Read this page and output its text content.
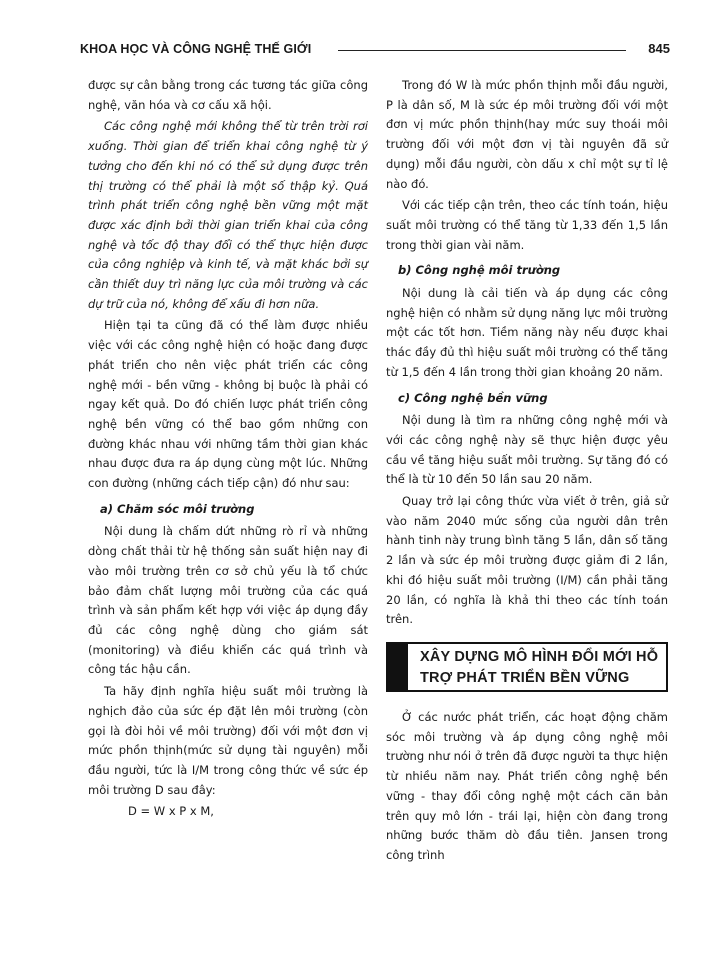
KHOA HỌC VÀ CÔNG NGHỆ THẾ GIỚI	845

được sự cân bằng trong các tương tác giữa công nghệ, văn hóa và cơ cấu xã hội.

Các công nghệ mới không thể từ trên trời rơi xuống. Thời gian để triển khai công nghệ từ ý tưởng cho đến khi nó có thể sử dụng được trên thị trường có thể phải là một số thập kỷ. Quá trình phát triển công nghệ bền vững một mặt được xác định bởi thời gian triển khai của công nghệ và tốc độ thay đổi có thể thực hiện được của công nghiệp và kinh tế, và mặt khác bởi sự cần thiết duy trì năng lực của môi trường và các dự trữ của nó, không để xấu đi hơn nữa.

Hiện tại ta cũng đã có thể làm được nhiều việc với các công nghệ hiện có hoặc đang được phát triển cho nên việc phát triển các công nghệ mới - bền vững - không bị buộc là phải có ngay kết quả. Do đó chiến lược phát triển công nghệ bền vững có thể bao gồm những con đường khác nhau với những tầm thời gian khác nhau được đưa ra áp dụng cùng một lúc. Những con đường (những cách tiếp cận) đó như sau:

a) Chăm sóc môi trường

Nội dung là chấm dứt những rò rỉ và những dòng chất thải từ hệ thống sản suất hiện nay đi vào môi trường trên cơ sở chủ yếu là tổ chức bảo đảm chất lượng môi trường của các quá trình và sản phẩm kết hợp với việc áp dụng đầy đủ các công nghệ dùng cho giám sát (monitoring) và điều khiển các quá trình và công tác hậu cần.

Ta hãy định nghĩa hiệu suất môi trường là nghịch đảo của sức ép đặt lên môi trường (còn gọi là đòi hỏi về môi trường) đối với một đơn vị mức phồn thịnh(mức sử dụng tài nguyên) mỗi đầu người, tức là I/M trong công thức về sức ép môi trường D sau đây:

D = W x P x M,

Trong đó W là mức phồn thịnh mỗi đầu người, P là dân số, M là sức ép môi trường đối với một đơn vị mức phồn thịnh(hay mức suy thoái môi trường đối với một đơn vị tài nguyên đã sử dụng) mỗi đầu người, còn dấu x chỉ một sự tỉ lệ nào đó.

Với các tiếp cận trên, theo các tính toán, hiệu suất môi trường có thể tăng từ 1,33 đến 1,5 lần trong thời gian vài năm.

b) Công nghệ môi trường

Nội dung là cải tiến và áp dụng các công nghệ hiện có nhằm sử dụng năng lực môi trường một các tốt hơn. Tiềm năng này nếu được khai thác đầy đủ thì hiệu suất môi trường có thể tăng từ 1,5 đến 4 lần trong thời gian khoảng 20 năm.

c) Công nghệ bền vững

Nội dung là tìm ra những công nghệ mới và với các công nghệ này sẽ thực hiện được yêu cầu về tăng hiệu suất môi trường. Sự tăng đó có thể là từ 10 đến 50 lần sau 20 năm.

Quay trở lại công thức vừa viết ở trên, giả sử vào năm 2040 mức sống của người dân trên hành tinh này trung bình tăng 5 lần, dân số tăng 2 lần và sức ép môi trường được giảm đi 2 lần, khi đó hiệu suất môi trường (I/M) cần phải tăng 20 lần, có nghĩa là khả thi theo các tính toán trên.

XÂY DỰNG MÔ HÌNH ĐỔI MỚI HỖ
TRỢ PHÁT TRIỂN BỀN VỮNG

Ở các nước phát triển, các hoạt động chăm sóc môi trường và áp dụng công nghệ môi trường như nói ở trên đã được người ta thực hiện từ nhiều năm nay. Phát triển công nghệ bền vững - thay đổi công nghệ một cách căn bản trên quy mô lớn - trái lại, hiện còn đang trong những bước thăm dò đầu tiên. Jansen trong công trình
